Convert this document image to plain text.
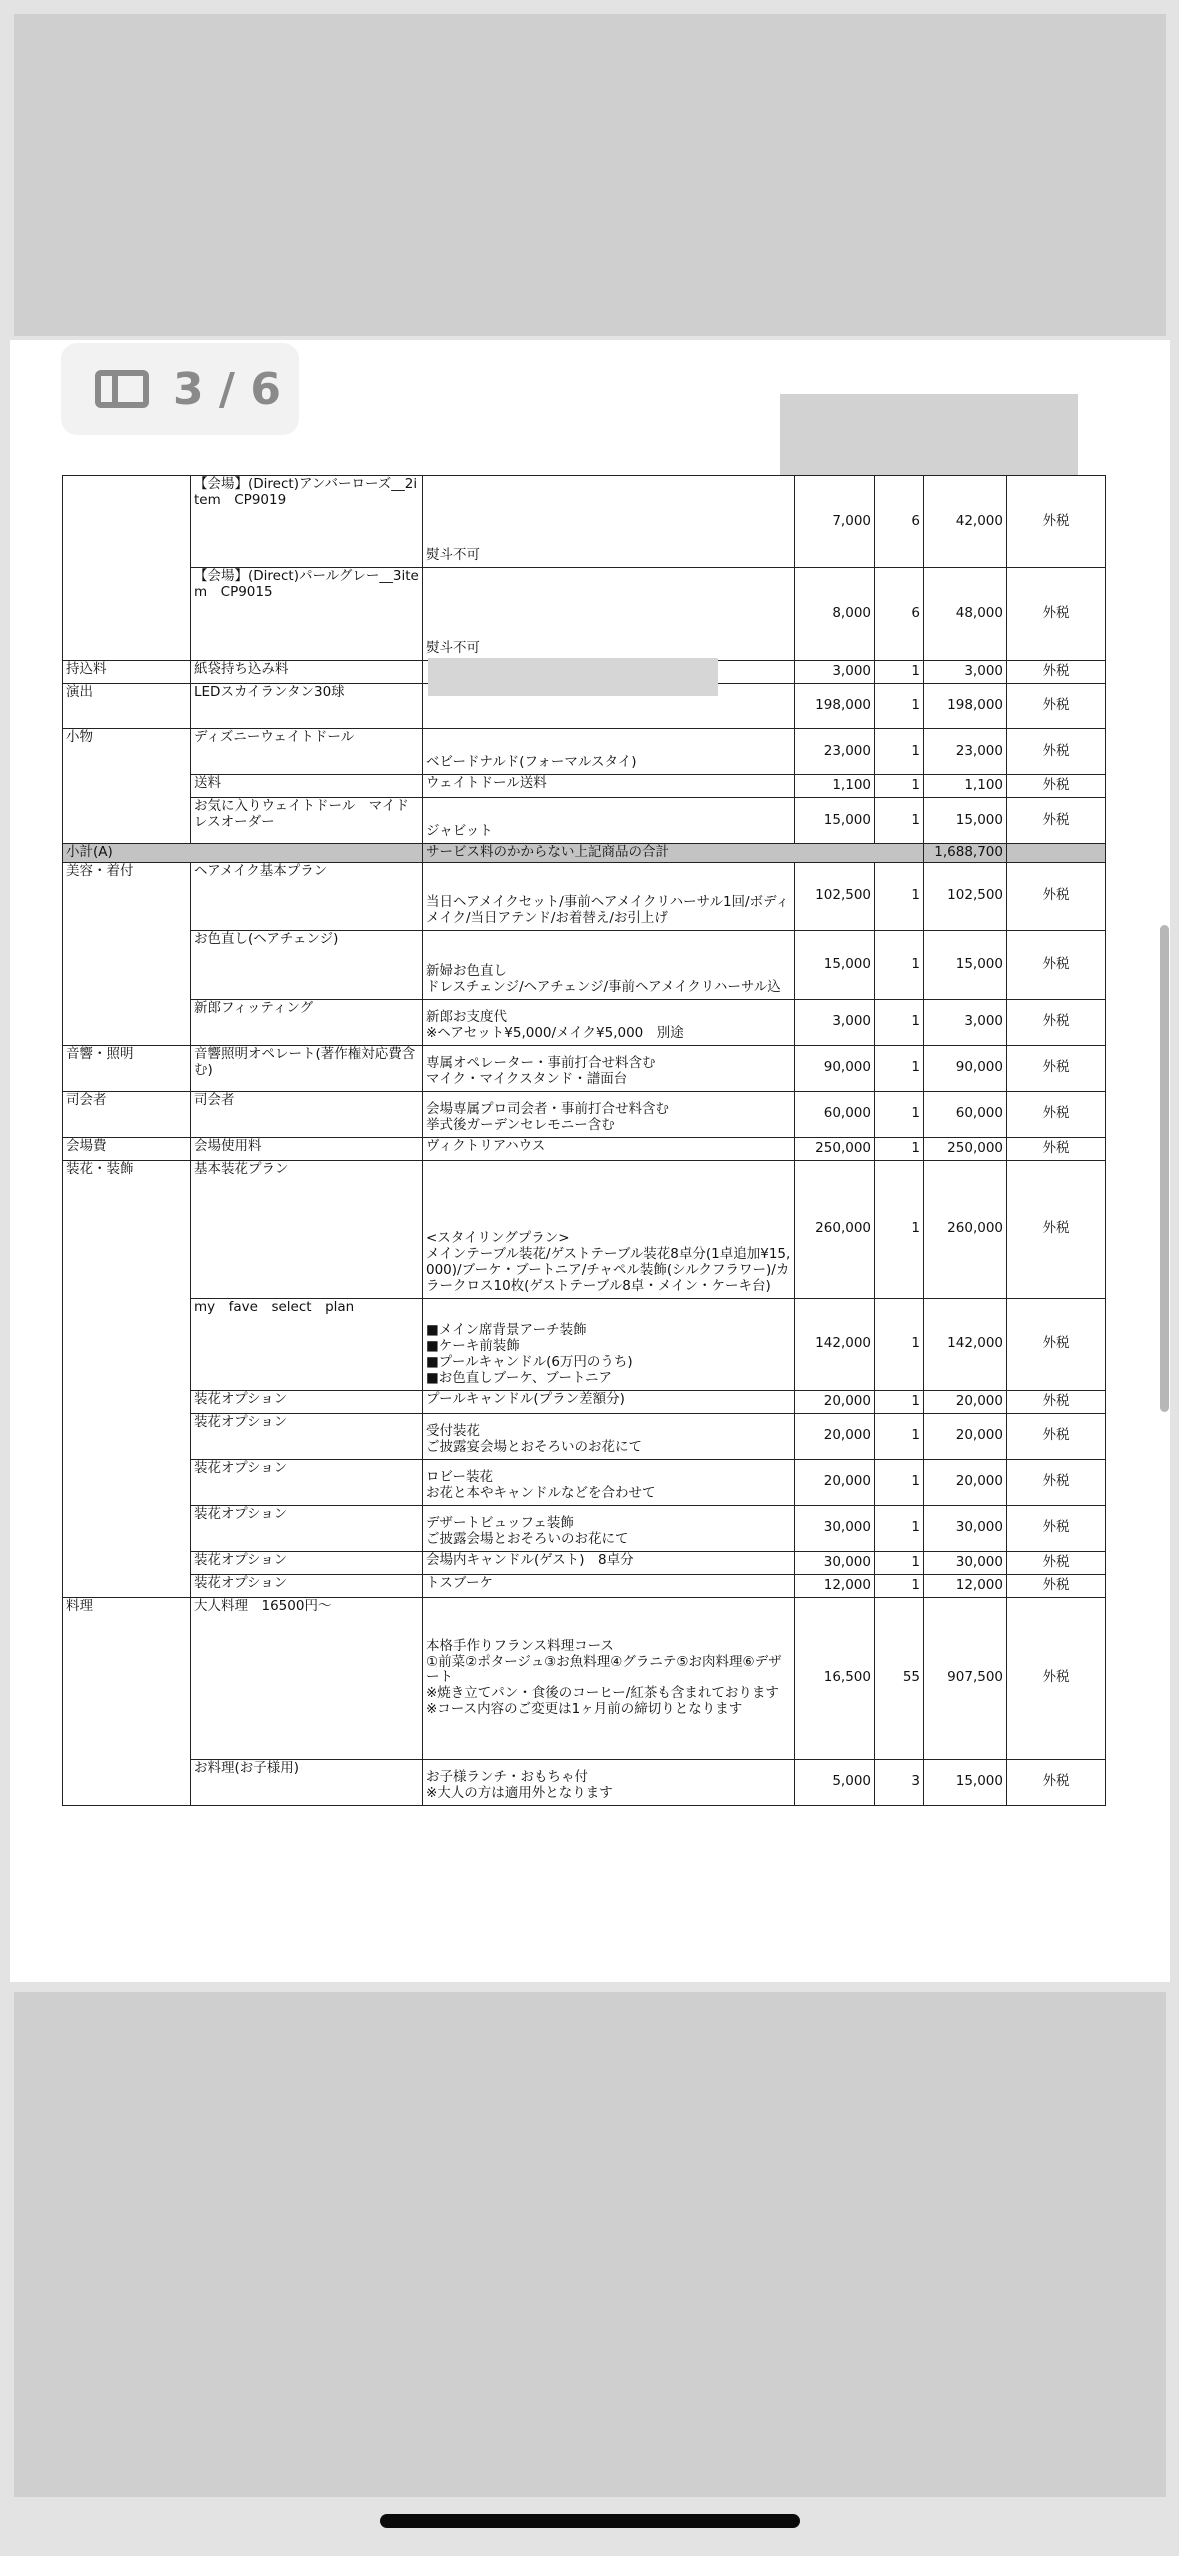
3 / 6
	【会場】(Direct)アンバーローズ__2item　CP9019	熨斗不可	7,000	6	42,000	外税
	【会場】(Direct)パールグレー__3item　CP9015	熨斗不可	8,000	6	48,000	外税
持込料	紙袋持ち込み料		3,000	1	3,000	外税
演出	LEDスカイランタン30球		198,000	1	198,000	外税
小物	ディズニーウェイトドール	ベビードナルド(フォーマルスタイ)	23,000	1	23,000	外税
	送料	ウェイトドール送料	1,100	1	1,100	外税
	お気に入りウェイトドール　マイドレスオーダー	ジャビット	15,000	1	15,000	外税
小計(A)		サービス料のかからない上記商品の合計			1,688,700	
美容・着付	ヘアメイク基本プラン	当日ヘアメイクセット/事前ヘアメイクリハーサル1回/ボディメイク/当日アテンド/お着替え/お引上げ	102,500	1	102,500	外税
	お色直し(ヘアチェンジ)	新婦お色直し
ドレスチェンジ/ヘアチェンジ/事前ヘアメイクリハーサル込	15,000	1	15,000	外税
	新郎フィッティング	新郎お支度代
※ヘアセット¥5,000/メイク¥5,000　別途	3,000	1	3,000	外税
音響・照明	音響照明オペレート(著作権対応費含む)	専属オペレーター・事前打合せ料含む
マイク・マイクスタンド・譜面台	90,000	1	90,000	外税
司会者	司会者	会場専属プロ司会者・事前打合せ料含む
挙式後ガーデンセレモニー含む	60,000	1	60,000	外税
会場費	会場使用料	ヴィクトリアハウス	250,000	1	250,000	外税
装花・装飾	基本装花プラン	<スタイリングプラン>
メインテーブル装花/ゲストテーブル装花8卓分(1卓追加¥15,000)/ブーケ・ブートニア/チャペル装飾(シルクフラワー)/カラークロス10枚(ゲストテーブル8卓・メイン・ケーキ台)	260,000	1	260,000	外税
	my　fave　select　plan	■メイン席背景アーチ装飾
■ケーキ前装飾
■プールキャンドル(6万円のうち)
■お色直しブーケ、ブートニア	142,000	1	142,000	外税
	装花オプション	プールキャンドル(プラン差額分)	20,000	1	20,000	外税
	装花オプション	受付装花
ご披露宴会場とおそろいのお花にて	20,000	1	20,000	外税
	装花オプション	ロビー装花
お花と本やキャンドルなどを合わせて	20,000	1	20,000	外税
	装花オプション	デザートビュッフェ装飾
ご披露会場とおそろいのお花にて	30,000	1	30,000	外税
	装花オプション	会場内キャンドル(ゲスト)　8卓分	30,000	1	30,000	外税
	装花オプション	トスブーケ	12,000	1	12,000	外税
料理	大人料理　16500円〜	本格手作りフランス料理コース
①前菜②ポタージュ③お魚料理④グラニテ⑤お肉料理⑥デザート
※焼き立てパン・食後のコーヒー/紅茶も含まれております
※コース内容のご変更は1ヶ月前の締切りとなります	16,500	55	907,500	外税
	お料理(お子様用)	お子様ランチ・おもちゃ付
※大人の方は適用外となります	5,000	3	15,000	外税
